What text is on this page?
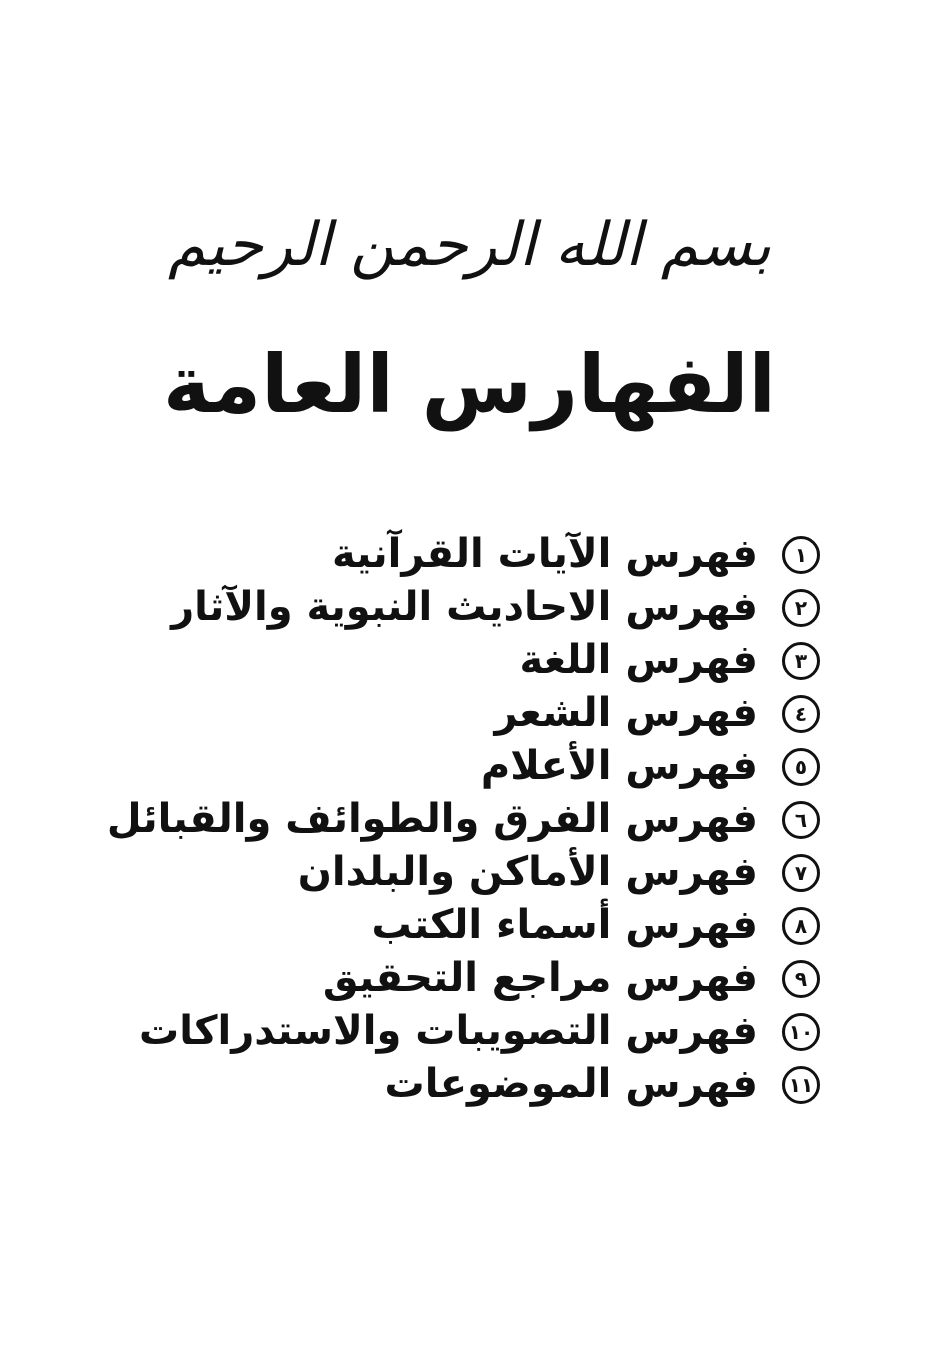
بسم الله الرحمن الرحيم
الفهارس العامة
١
فهرس الآيات القرآنية
٢
فهرس الاحاديث النبوية والآثار
٣
فهرس اللغة
٤
فهرس الشعر
٥
فهرس الأعلام
٦
فهرس الفرق والطوائف والقبائل
٧
فهرس الأماكن والبلدان
٨
فهرس أسماء الكتب
٩
فهرس مراجع التحقيق
١٠
فهرس التصويبات والاستدراكات
١١
فهرس الموضوعات
